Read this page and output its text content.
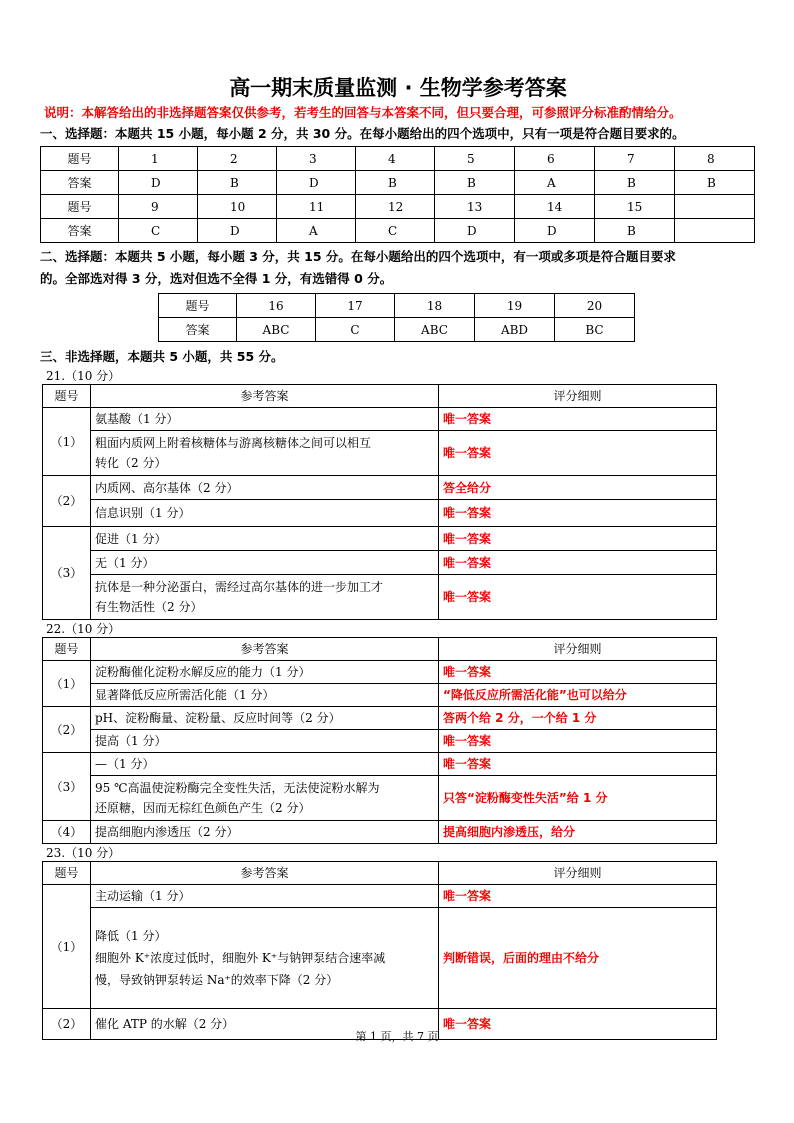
高一期末质量监测 · 生物学参考答案

说明：本解答给出的非选择题答案仅供参考，若考生的回答与本答案不同，但只要合理，可参照评分标准酌情给分。

一、选择题：本题共 15 小题，每小题 2 分，共 30 分。在每小题给出的四个选项中，只有一项是符合题目要求的。

题号	1	2	3	4	5	6	7	8
答案	D	B	D	B	B	A	B	B
题号	9	10	11	12	13	14	15	
答案	C	D	A	C	D	D	B	

二、选择题：本题共 5 小题，每小题 3 分，共 15 分。在每小题给出的四个选项中，有一项或多项是符合题目要求

的。全部选对得 3 分，选对但选不全得 1 分，有选错得 0 分。

题号	16	17	18	19	20
答案	ABC	C	ABC	ABD	BC

三、非选择题，本题共 5 小题，共 55 分。

21.（10 分）

题号	参考答案	评分细则
（1）	氨基酸（1 分）	唯一答案

	粗面内质网上附着核糖体与游离核糖体之间可以相互
转化（2 分）	唯一答案
（2）	内质网、高尔基体（2 分）	答全给分
	信息识别（1 分）	唯一答案
（3）	促进（1 分）	唯一答案
	无（1 分）	唯一答案

	抗体是一种分泌蛋白，需经过高尔基体的进一步加工才
有生物活性（2 分）	唯一答案

22.（10 分）

题号	参考答案	评分细则
（1）	淀粉酶催化淀粉水解反应的能力（1 分）	唯一答案
	显著降低反应所需活化能（1 分）	“降低反应所需活化能”也可以给分
（2）	pH、淀粉酶量、淀粉量、反应时间等（2 分）	答两个给 2 分，一个给 1 分
	提高（1 分）	唯一答案
（3）	—（1 分）	唯一答案

	95 ℃高温使淀粉酶完全变性失活，无法使淀粉水解为
还原糖，因而无棕红色颜色产生（2 分）	只答“淀粉酶变性失活”给 1 分
（4）	提高细胞内渗透压（2 分）	提高细胞内渗透压，给分

23.（10 分）

题号	参考答案	评分细则
（1）	主动运输（1 分）	唯一答案

	降低（1 分）
细胞外 K⁺浓度过低时，细胞外 K⁺与钠钾泵结合速率减
慢，导致钠钾泵转运 Na⁺的效率下降（2 分）	判断错误，后面的理由不给分
（2）	催化 ATP 的水解（2 分）	唯一答案
第 1 页，共 7 页
